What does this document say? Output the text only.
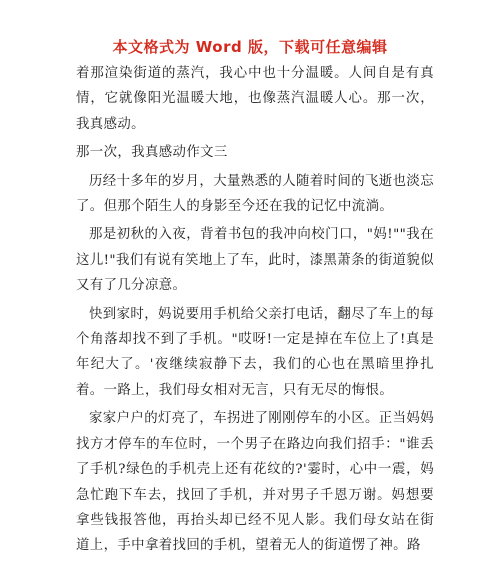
本文格式为 Word 版，下载可任意编辑

着那渲染街道的蒸汽，我心中也十分温暖。人间自是有真情，它就像阳光温暖大地，也像蒸汽温暖人心。那一次，我真感动。

那一次，我真感动作文三

历经十多年的岁月，大量熟悉的人随着时间的飞逝也淡忘了。但那个陌生人的身影至今还在我的记忆中流淌。

那是初秋的入夜，背着书包的我冲向校门口，"妈!""我在这儿!"我们有说有笑地上了车，此时，漆黑萧条的街道貌似又有了几分凉意。

快到家时，妈说要用手机给父亲打电话，翻尽了车上的每个角落却找不到了手机。"哎呀!一定是掉在车位上了!真是年纪大了。'夜继续寂静下去，我们的心也在黑暗里挣扎着。一路上，我们母女相对无言，只有无尽的悔恨。

家家户户的灯亮了，车拐进了刚刚停车的小区。正当妈妈找方才停车的车位时，一个男子在路边向我们招手："谁丢了手机?绿色的手机壳上还有花纹的?'霎时，心中一震，妈急忙跑下车去，找回了手机，并对男子千恩万谢。妈想要拿些钱报答他，再抬头却已经不见人影。我们母女站在街道上，手中拿着找回的手机，望着无人的街道愣了神。路
